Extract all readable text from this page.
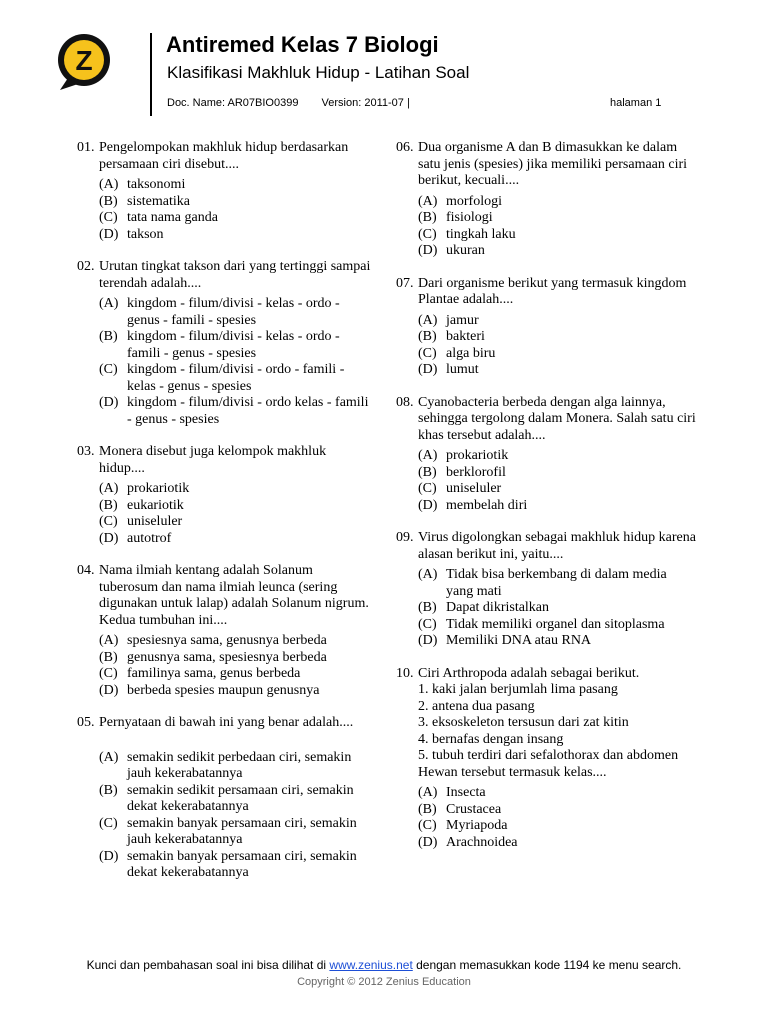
Z
Antiremed Kelas 7 Biologi
Klasifikasi Makhluk Hidup - Latihan Soal
Doc. Name: AR07BIO0399 Version: 2011-07 |	halaman 1
01. Pengelompokan makhluk hidup berdasarkan persamaan ciri disebut....
(A) taksonomi
(B) sistematika
(C) tata nama ganda
(D) takson
02. Urutan tingkat takson dari yang tertinggi sampai terendah adalah....
(A) kingdom - filum/divisi - kelas - ordo - genus - famili - spesies
(B) kingdom - filum/divisi - kelas - ordo - famili - genus - spesies
(C) kingdom - filum/divisi - ordo - famili - kelas - genus - spesies
(D) kingdom - filum/divisi - ordo kelas - famili - genus - spesies
03. Monera disebut juga kelompok makhluk hidup....
(A) prokariotik
(B) eukariotik
(C) uniseluler
(D) autotrof
04. Nama ilmiah kentang adalah Solanum tuberosum dan nama ilmiah leunca (sering digunakan untuk lalap) adalah Solanum nigrum. Kedua tumbuhan ini....
(A) spesiesnya sama, genusnya berbeda
(B) genusnya sama, spesiesnya berbeda
(C) familinya sama, genus berbeda
(D) berbeda spesies maupun genusnya
05. Pernyataan di bawah ini yang benar adalah....
(A) semakin sedikit perbedaan ciri, semakin jauh kekerabatannya
(B) semakin sedikit persamaan ciri, semakin dekat kekerabatannya
(C) semakin banyak persamaan ciri, semakin jauh kekerabatannya
(D) semakin banyak persamaan ciri, semakin dekat kekerabatannya
06. Dua organisme A dan B dimasukkan ke dalam satu jenis (spesies) jika memiliki persamaan ciri berikut, kecuali....
(A) morfologi
(B) fisiologi
(C) tingkah laku
(D) ukuran
07. Dari organisme berikut yang termasuk kingdom Plantae adalah....
(A) jamur
(B) bakteri
(C) alga biru
(D) lumut
08. Cyanobacteria berbeda dengan alga lainnya, sehingga tergolong dalam Monera. Salah satu ciri khas tersebut adalah....
(A) prokariotik
(B) berklorofil
(C) uniseluler
(D) membelah diri
09. Virus digolongkan sebagai makhluk hidup karena alasan berikut ini, yaitu....
(A) Tidak bisa berkembang di dalam media yang mati
(B) Dapat dikristalkan
(C) Tidak memiliki organel dan sitoplasma
(D) Memiliki DNA atau RNA
10. Ciri Arthropoda adalah sebagai berikut.
1. kaki jalan berjumlah lima pasang
2. antena dua pasang
3. eksoskeleton tersusun dari zat kitin
4. bernafas dengan insang
5. tubuh terdiri dari sefalothorax dan abdomen
Hewan tersebut termasuk kelas....
(A) Insecta
(B) Crustacea
(C) Myriapoda
(D) Arachnoidea
Kunci dan pembahasan soal ini bisa dilihat di www.zenius.net dengan memasukkan kode 1194 ke menu search.
Copyright © 2012 Zenius Education
